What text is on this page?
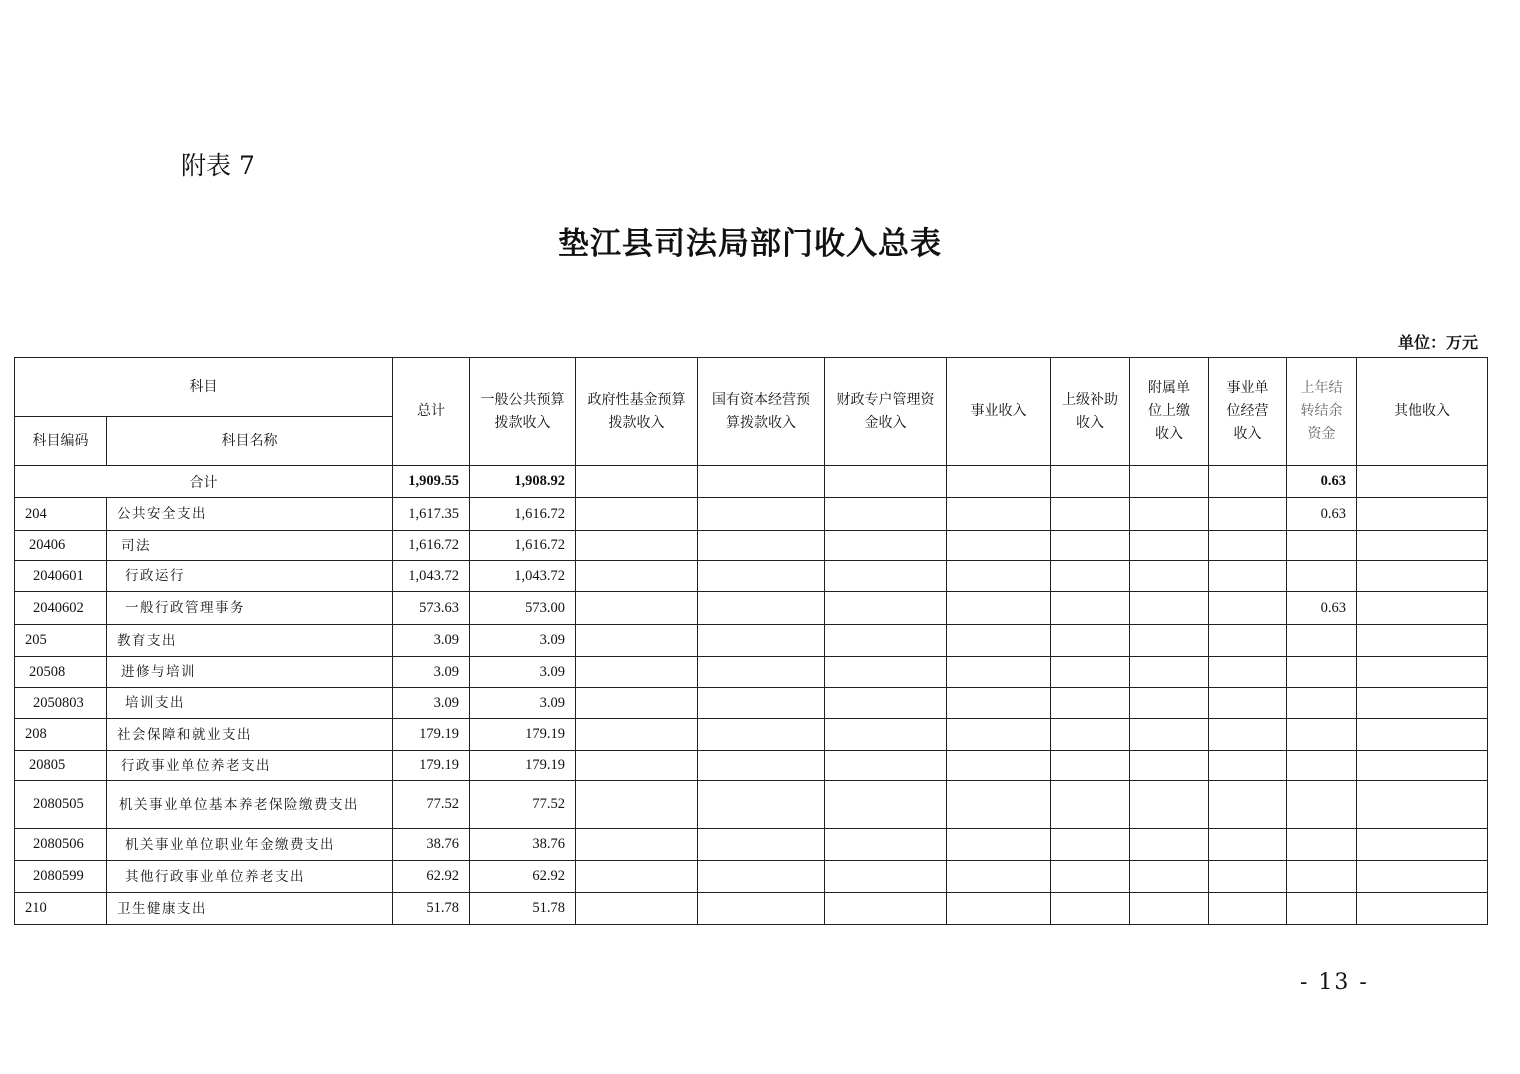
附表 7
垫江县司法局部门收入总表
单位：万元
科目		总计	一般公共预算拨款收入	政府性基金预算拨款收入	国有资本经营预算拨款收入	财政专户管理资金收入	事业收入	上级补助收入	附属单位上缴收入	事业单位经营收入	上年结转结余资金	其他收入
科目编码	科目名称											
合计		1,909.55	1,908.92								0.63	
204	公共安全支出	1,617.35	1,616.72								0.63	
20406	司法	1,616.72	1,616.72									
2040601	行政运行	1,043.72	1,043.72									
2040602	一般行政管理事务	573.63	573.00								0.63	
205	教育支出	3.09	3.09									
20508	进修与培训	3.09	3.09									
2050803	培训支出	3.09	3.09									
208	社会保障和就业支出	179.19	179.19									
20805	行政事业单位养老支出	179.19	179.19									
2080505	机关事业单位基本养老保险缴费支出	77.52	77.52									
2080506	机关事业单位职业年金缴费支出	38.76	38.76									
2080599	其他行政事业单位养老支出	62.92	62.92									
210	卫生健康支出	51.78	51.78									
- 13 -
